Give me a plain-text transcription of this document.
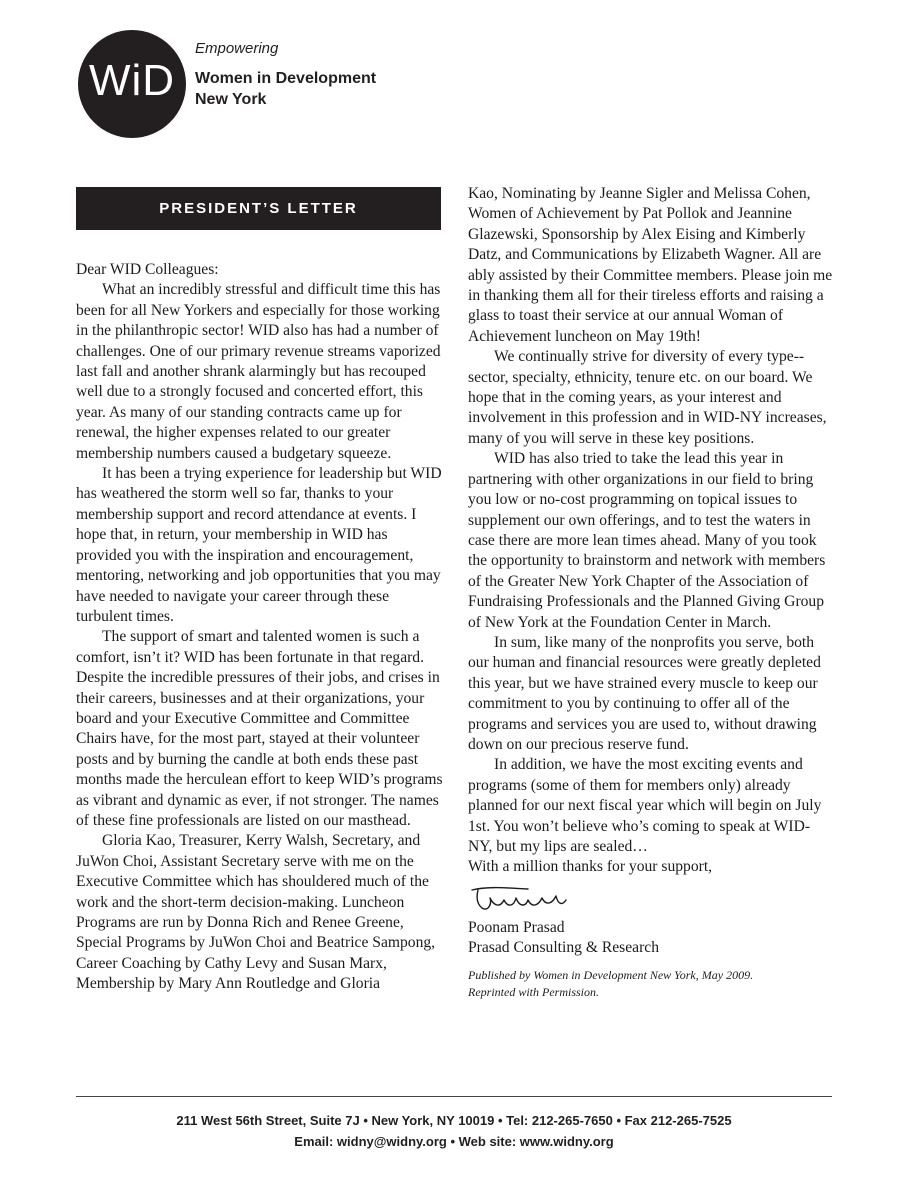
WiD
Empowering
Women in Development
New York
PRESIDENT’S LETTER

Dear WID Colleagues:

What an incredibly stressful and difficult time this has been for all New Yorkers and especially for those working in the philanthropic sector! WID also has had a number of challenges. One of our primary revenue streams vaporized last fall and another shrank alarmingly but has recouped well due to a strongly focused and concerted effort, this year. As many of our standing contracts came up for renewal, the higher expenses related to our greater membership numbers caused a budgetary squeeze.

It has been a trying experience for leadership but WID has weathered the storm well so far, thanks to your membership support and record attendance at events. I hope that, in return, your membership in WID has provided you with the inspiration and encouragement, mentoring, networking and job opportunities that you may have needed to navigate your career through these turbulent times.

The support of smart and talented women is such a comfort, isn’t it? WID has been fortunate in that regard. Despite the incredible pressures of their jobs, and crises in their careers, businesses and at their organizations, your board and your Executive Committee and Committee Chairs have, for the most part, stayed at their volunteer posts and by burning the candle at both ends these past months made the herculean effort to keep WID’s programs as vibrant and dynamic as ever, if not stronger. The names of these fine professionals are listed on our masthead.

Gloria Kao, Treasurer, Kerry Walsh, Secretary, and JuWon Choi, Assistant Secretary serve with me on the Executive Committee which has shouldered much of the work and the short-term decision-making. Luncheon Programs are run by Donna Rich and Renee Greene, Special Programs by JuWon Choi and Beatrice Sampong, Career Coaching by Cathy Levy and Susan Marx, Membership by Mary Ann Routledge and Gloria

Kao, Nominating by Jeanne Sigler and Melissa Cohen, Women of Achievement by Pat Pollok and Jeannine Glazewski, Sponsorship by Alex Eising and Kimberly Datz, and Communications by Elizabeth Wagner. All are ably assisted by their Committee members. Please join me in thanking them all for their tireless efforts and raising a glass to toast their service at our annual Woman of Achievement luncheon on May 19th!

We continually strive for diversity of every type--sector, specialty, ethnicity, tenure etc. on our board. We hope that in the coming years, as your interest and involvement in this profession and in WID-NY increases, many of you will serve in these key positions.

WID has also tried to take the lead this year in partnering with other organizations in our field to bring you low or no-cost programming on topical issues to supplement our own offerings, and to test the waters in case there are more lean times ahead. Many of you took the opportunity to brainstorm and network with members of the Greater New York Chapter of the Association of Fundraising Professionals and the Planned Giving Group of New York at the Foundation Center in March.

In sum, like many of the nonprofits you serve, both our human and financial resources were greatly depleted this year, but we have strained every muscle to keep our commitment to you by continuing to offer all of the programs and services you are used to, without drawing down on our precious reserve fund.

In addition, we have the most exciting events and programs (some of them for members only) already planned for our next fiscal year which will begin on July 1st. You won’t believe who’s coming to speak at WID-NY, but my lips are sealed…

With a million thanks for your support,

Poonam Prasad

Prasad Consulting & Research

Published by Women in Development New York, May 2009.
Reprinted with Permission.
211 West 56th Street, Suite 7J • New York, NY 10019 • Tel: 212-265-7650 • Fax 212-265-7525
Email: widny@widny.org • Web site: www.widny.org
